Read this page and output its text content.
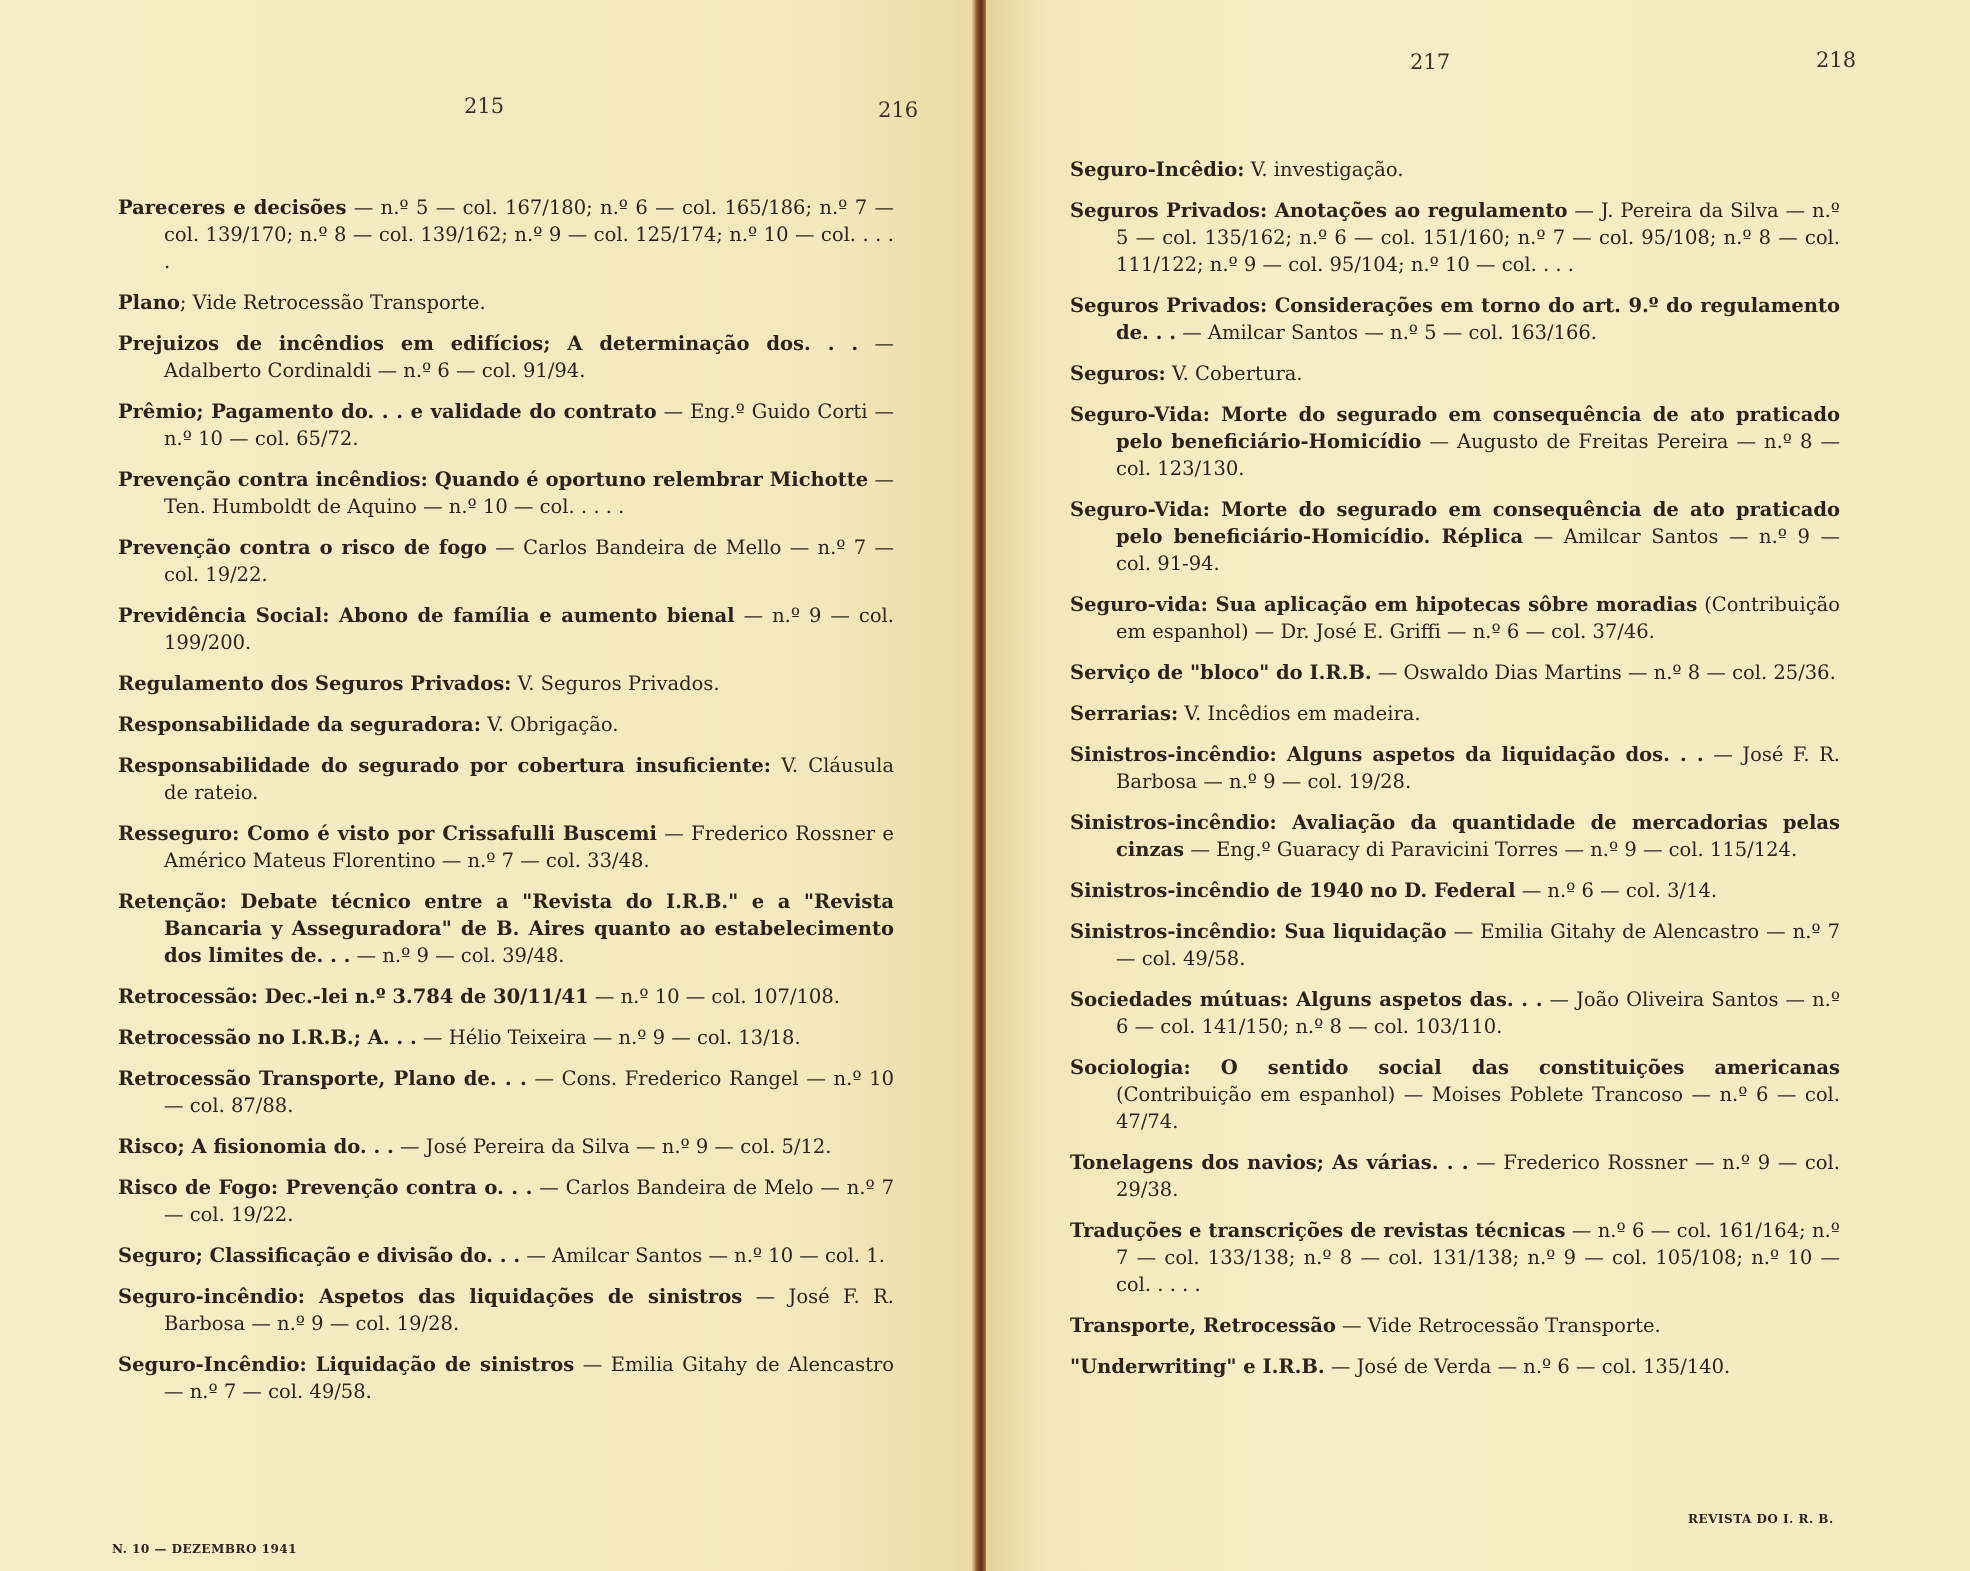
215	216

Pareceres e decisões — n.º 5 — col. 167/180; n.º 6 — col. 165/186; n.º 7 — col. 139/170; n.º 8 — col. 139/162; n.º 9 — col. 125/174; n.º 10 — col. . . . .

Plano; Vide Retrocessão Transporte.

Prejuizos de incêndios em edifícios; A determinação dos. . . — Adalberto Cordinaldi — n.º 6 — col. 91/94.

Prêmio; Pagamento do. . . e validade do contrato — Eng.º Guido Corti — n.º 10 — col. 65/72.

Prevenção contra incêndios: Quando é oportuno relembrar Michotte — Ten. Humboldt de Aquino — n.º 10 — col. . . . .

Prevenção contra o risco de fogo — Carlos Bandeira de Mello — n.º 7 — col. 19/22.

Previdência Social: Abono de família e aumento bienal — n.º 9 — col. 199/200.

Regulamento dos Seguros Privados: V. Seguros Privados.

Responsabilidade da seguradora: V. Obrigação.

Responsabilidade do segurado por cobertura insuficiente: V. Cláusula de rateio.

Resseguro: Como é visto por Crissafulli Buscemi — Frederico Rossner e Américo Mateus Florentino — n.º 7 — col. 33/48.

Retenção: Debate técnico entre a "Revista do I.R.B." e a "Revista Bancaria y Asseguradora" de B. Aires quanto ao estabelecimento dos limites de. . . — n.º 9 — col. 39/48.

Retrocessão: Dec.-lei n.º 3.784 de 30/11/41 — n.º 10 — col. 107/108.

Retrocessão no I.R.B.; A. . . — Hélio Teixeira — n.º 9 — col. 13/18.

Retrocessão Transporte, Plano de. . . — Cons. Frederico Rangel — n.º 10 — col. 87/88.

Risco; A fisionomia do. . . — José Pereira da Silva — n.º 9 — col. 5/12.

Risco de Fogo: Prevenção contra o. . . — Carlos Bandeira de Melo — n.º 7 — col. 19/22.

Seguro; Classificação e divisão do. . . — Amilcar Santos — n.º 10 — col. 1.

Seguro-incêndio: Aspetos das liquidações de sinistros — José F. R. Barbosa — n.º 9 — col. 19/28.

Seguro-Incêndio: Liquidação de sinistros — Emilia Gitahy de Alencastro — n.º 7 — col. 49/58.

N. 10 — DEZEMBRO 1941
217	218

Seguro-Incêdio: V. investigação.

Seguros Privados: Anotações ao regulamento — J. Pereira da Silva — n.º 5 — col. 135/162; n.º 6 — col. 151/160; n.º 7 — col. 95/108; n.º 8 — col. 111/122; n.º 9 — col. 95/104; n.º 10 — col. . . .

Seguros Privados: Considerações em torno do art. 9.º do regulamento de. . . — Amilcar Santos — n.º 5 — col. 163/166.

Seguros: V. Cobertura.

Seguro-Vida: Morte do segurado em consequência de ato praticado pelo beneficiário-Homicídio — Augusto de Freitas Pereira — n.º 8 — col. 123/130.

Seguro-Vida: Morte do segurado em consequência de ato praticado pelo beneficiário-Homicídio. Réplica — Amilcar Santos — n.º 9 — col. 91-94.

Seguro-vida: Sua aplicação em hipotecas sôbre moradias (Contribuição em espanhol) — Dr. José E. Griffi — n.º 6 — col. 37/46.

Serviço de "bloco" do I.R.B. — Oswaldo Dias Martins — n.º 8 — col. 25/36.

Serrarias: V. Incêdios em madeira.

Sinistros-incêndio: Alguns aspetos da liquidação dos. . . — José F. R. Barbosa — n.º 9 — col. 19/28.

Sinistros-incêndio: Avaliação da quantidade de mercadorias pelas cinzas — Eng.º Guaracy di Paravicini Torres — n.º 9 — col. 115/124.

Sinistros-incêndio de 1940 no D. Federal — n.º 6 — col. 3/14.

Sinistros-incêndio: Sua liquidação — Emilia Gitahy de Alencastro — n.º 7 — col. 49/58.

Sociedades mútuas: Alguns aspetos das. . . — João Oliveira Santos — n.º 6 — col. 141/150; n.º 8 — col. 103/110.

Sociologia: O sentido social das constituições americanas (Contribuição em espanhol) — Moises Poblete Trancoso — n.º 6 — col. 47/74.

Tonelagens dos navios; As várias. . . — Frederico Rossner — n.º 9 — col. 29/38.

Traduções e transcrições de revistas técnicas — n.º 6 — col. 161/164; n.º 7 — col. 133/138; n.º 8 — col. 131/138; n.º 9 — col. 105/108; n.º 10 — col. . . . .

Transporte, Retrocessão — Vide Retrocessão Transporte.

"Underwriting" e I.R.B. — José de Verda — n.º 6 — col. 135/140.

REVISTA DO I. R. B.
